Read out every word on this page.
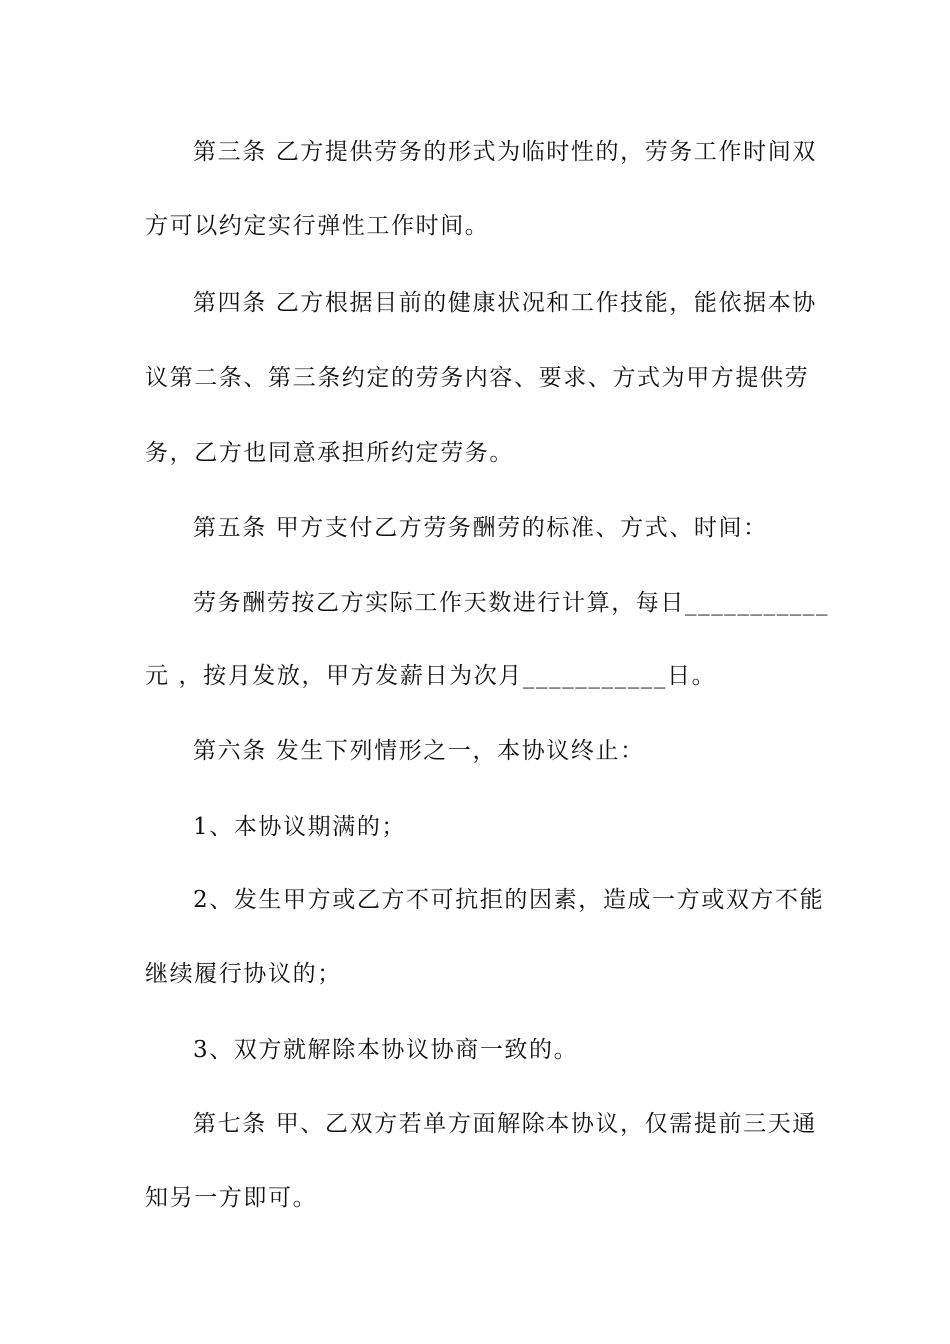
第三条 乙方提供劳务的形式为临时性的，劳务工作时间双
方可以约定实行弹性工作时间。
第四条 乙方根据目前的健康状况和工作技能，能依据本协
议第二条、第三条约定的劳务内容、要求、方式为甲方提供劳
务，乙方也同意承担所约定劳务。
第五条 甲方支付乙方劳务酬劳的标准、方式、时间：
劳务酬劳按乙方实际工作天数进行计算，每日___________
元 ，按月发放，甲方发薪日为次月___________日。
第六条 发生下列情形之一，本协议终止：
1、本协议期满的；
2、发生甲方或乙方不可抗拒的因素，造成一方或双方不能
继续履行协议的；
3、双方就解除本协议协商一致的。
第七条 甲、乙双方若单方面解除本协议，仅需提前三天通
知另一方即可。
